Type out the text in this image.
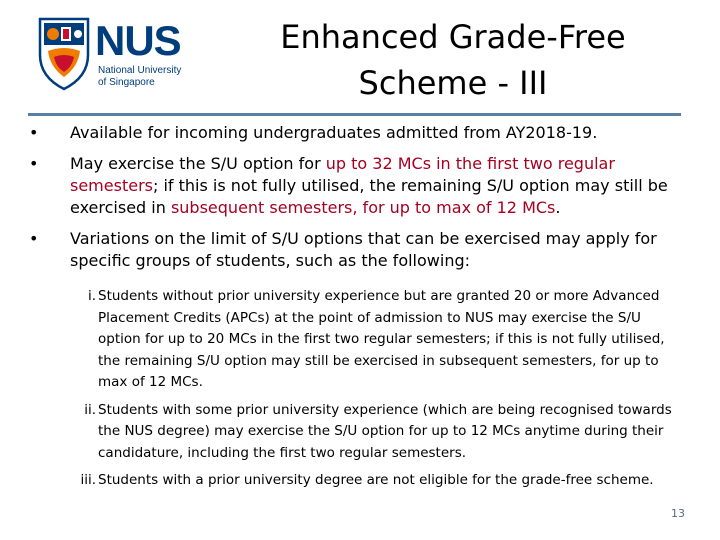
NUS
National University
of Singapore
Enhanced Grade-Free
Scheme - III
• Available for incoming undergraduates admitted from AY2018-19.
• May exercise the S/U option for up to 32 MCs in the first two regular semesters; if this is not fully utilised, the remaining S/U option may still be exercised in subsequent semesters, for up to max of 12 MCs.
• Variations on the limit of S/U options that can be exercised may apply for specific groups of students, such as the following:
i. Students without prior university experience but are granted 20 or more Advanced Placement Credits (APCs) at the point of admission to NUS may exercise the S/U option for up to 20 MCs in the first two regular semesters; if this is not fully utilised, the remaining S/U option may still be exercised in subsequent semesters, for up to max of 12 MCs.
ii. Students with some prior university experience (which are being recognised towards the NUS degree) may exercise the S/U option for up to 12 MCs anytime during their candidature, including the first two regular semesters.
iii. Students with a prior university degree are not eligible for the grade-free scheme.
13
